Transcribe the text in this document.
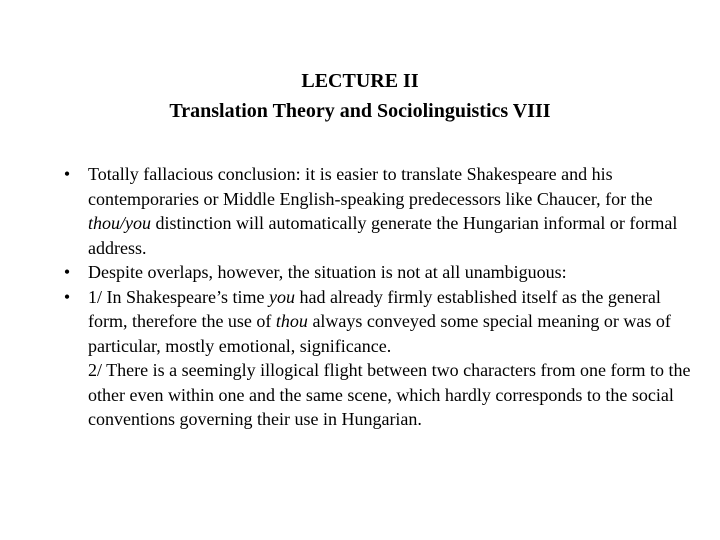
LECTURE II
Translation Theory and Sociolinguistics VIII
• Totally fallacious conclusion: it is easier to translate Shakespeare and his contemporaries or Middle English-speaking predecessors like Chaucer, for the thou/you distinction will automatically generate the Hungarian informal or formal address.
• Despite overlaps, however, the situation is not at all unambiguous:
• 1/ In Shakespeare’s time you had already firmly established itself as the general form, therefore the use of thou always conveyed some special meaning or was of particular, mostly emotional, significance.
2/ There is a seemingly illogical flight between two characters from one form to the other even within one and the same scene, which hardly corresponds to the social conventions governing their use in Hungarian.
